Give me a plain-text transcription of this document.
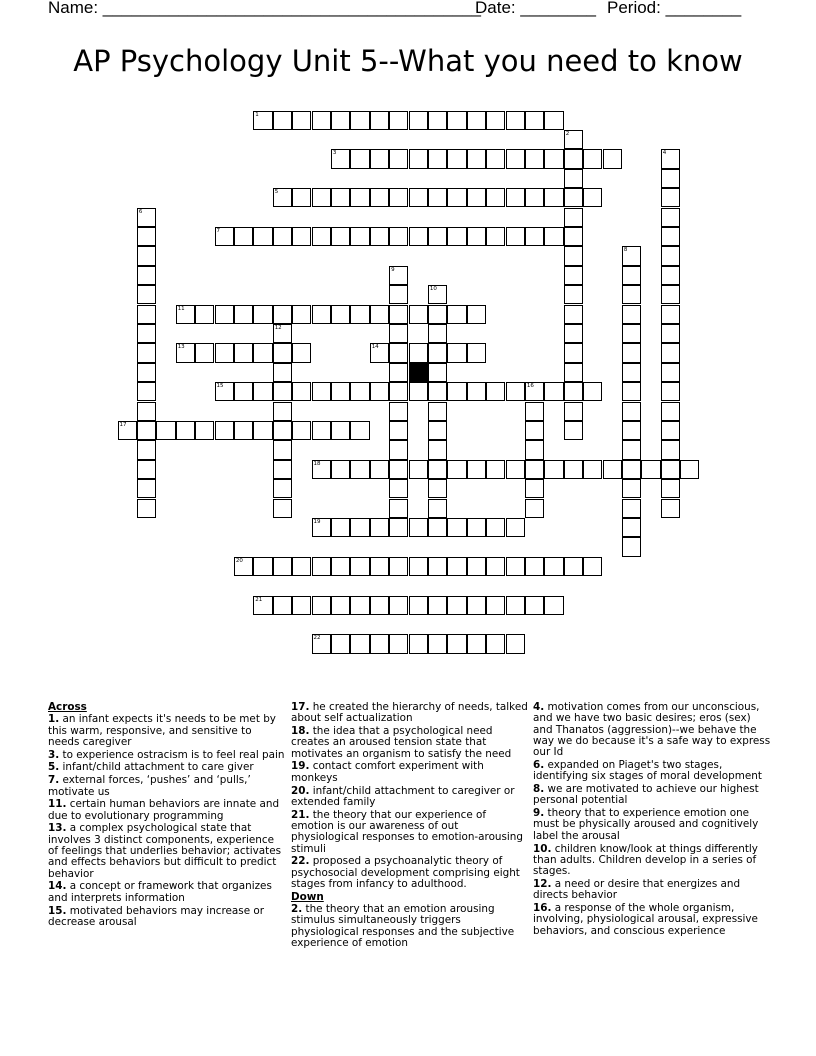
Name: ________________________________________
Date: ________ Period: ________
AP Psychology Unit 5--What you need to know
1
3
5
7
11
13	14
15	16
17
18
19
20
21
22
2
4
6
8
9
10
12
Across
1. an infant expects it's needs to be met by this warm, responsive, and sensitive to needs caregiver
3. to experience ostracism is to feel real pain
5. infant/child attachment to care giver
7. external forces, ‘pushes’ and ‘pulls,’ motivate us
11. certain human behaviors are innate and due to evolutionary programming
13. a complex psychological state that involves 3 distinct components, experience of feelings that underlies behavior; activates and effects behaviors but difficult to predict behavior
14. a concept or framework that organizes and interprets information
15. motivated behaviors may increase or decrease arousal
17. he created the hierarchy of needs, talked about self actualization
18. the idea that a psychological need creates an aroused tension state that motivates an organism to satisfy the need
19. contact comfort experiment with monkeys
20. infant/child attachment to caregiver or extended family
21. the theory that our experience of emotion is our awareness of out physiological responses to emotion-arousing stimuli
22. proposed a psychoanalytic theory of psychosocial development comprising eight stages from infancy to adulthood.
Down
2. the theory that an emotion arousing stimulus simultaneously triggers physiological responses and the subjective experience of emotion
4. motivation comes from our unconscious, and we have two basic desires; eros (sex) and Thanatos (aggression)--we behave the way we do because it's a safe way to express our Id
6. expanded on Piaget's two stages, identifying six stages of moral development
8. we are motivated to achieve our highest personal potential
9. theory that to experience emotion one must be physically aroused and cognitively label the arousal
10. children know/look at things differently than adults. Children develop in a series of stages.
12. a need or desire that energizes and directs behavior
16. a response of the whole organism, involving, physiological arousal, expressive behaviors, and conscious experience
